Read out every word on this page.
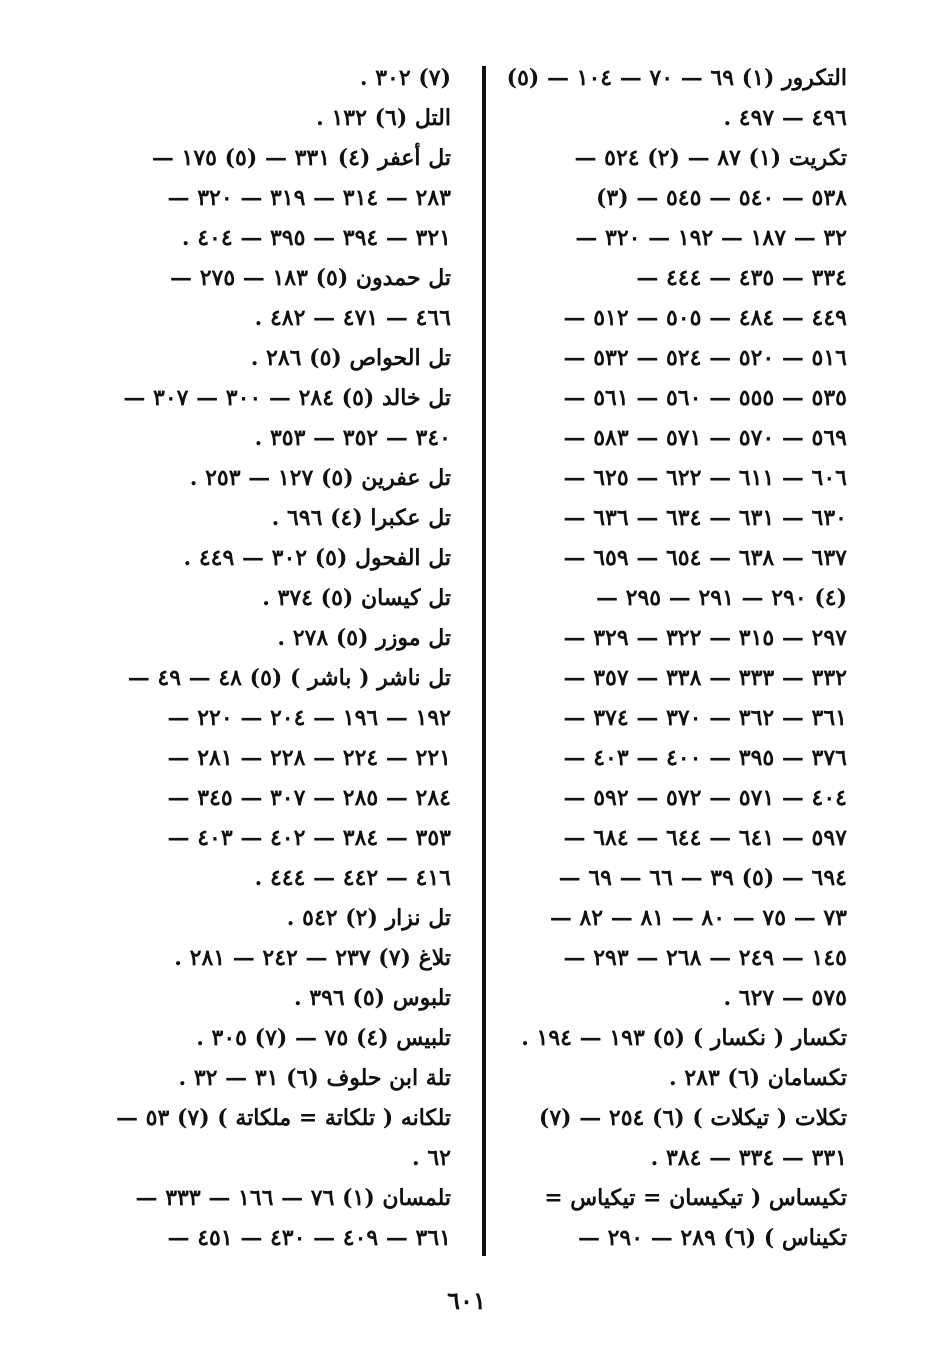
التكرور (١) ٦٩ — ٧٠ — ١٠٤ — (٥)
٤٩٦ — ٤٩٧ .
تكريت (١) ٨٧ — (٢) ٥٢٤ —
٥٣٨ — ٥٤٠ — ٥٤٥ — (٣)
٣٢ — ١٨٧ — ١٩٢ — ٣٢٠ —
٣٣٤ — ٤٣٥ — ٤٤٤ —
٤٤٩ — ٤٨٤ — ٥٠٥ — ٥١٢ —
٥١٦ — ٥٢٠ — ٥٢٤ — ٥٣٢ —
٥٣٥ — ٥٥٥ — ٥٦٠ — ٥٦١ —
٥٦٩ — ٥٧٠ — ٥٧١ — ٥٨٣ —
٦٠٦ — ٦١١ — ٦٢٢ — ٦٢٥ —
٦٣٠ — ٦٣١ — ٦٣٤ — ٦٣٦ —
٦٣٧ — ٦٣٨ — ٦٥٤ — ٦٥٩ —
(٤) ٢٩٠ — ٢٩١ — ٢٩٥ —
٢٩٧ — ٣١٥ — ٣٢٢ — ٣٢٩ —
٣٣٢ — ٣٣٣ — ٣٣٨ — ٣٥٧ —
٣٦١ — ٣٦٢ — ٣٧٠ — ٣٧٤ —
٣٧٦ — ٣٩٥ — ٤٠٠ — ٤٠٣ —
٤٠٤ — ٥٧١ — ٥٧٢ — ٥٩٢ —
٥٩٧ — ٦٤١ — ٦٤٤ — ٦٨٤ —
٦٩٤ — (٥) ٣٩ — ٦٦ — ٦٩ —
٧٣ — ٧٥ — ٨٠ — ٨١ — ٨٢ —
١٤٥ — ٢٤٩ — ٢٦٨ — ٢٩٣ —
٥٧٥ — ٦٢٧ .
تكسار ( نكسار ) (٥) ١٩٣ — ١٩٤ .
تكسامان (٦) ٢٨٣ .
تكلات ( تيكلات ) (٦) ٢٥٤ — (٧)
٣٣١ — ٣٣٤ — ٣٨٤ .
تكيساس ( تيكيسان = تيكياس =
تكيناس ) (٦) ٢٨٩ — ٢٩٠ —
(٧) ٣٠٢ .
التل (٦) ١٣٢ .
تل أعفر (٤) ٣٣١ — (٥) ١٧٥ —
٢٨٣ — ٣١٤ — ٣١٩ — ٣٢٠ —
٣٢١ — ٣٩٤ — ٣٩٥ — ٤٠٤ .
تل حمدون (٥) ١٨٣ — ٢٧٥ —
٤٦٦ — ٤٧١ — ٤٨٢ .
تل الحواص (٥) ٢٨٦ .
تل خالد (٥) ٢٨٤ — ٣٠٠ — ٣٠٧ —
٣٤٠ — ٣٥٢ — ٣٥٣ .
تل عفرين (٥) ١٢٧ — ٢٥٣ .
تل عكبرا (٤) ٦٩٦ .
تل الفحول (٥) ٣٠٢ — ٤٤٩ .
تل كيسان (٥) ٣٧٤ .
تل موزر (٥) ٢٧٨ .
تل ناشر ( باشر ) (٥) ٤٨ — ٤٩ —
١٩٢ — ١٩٦ — ٢٠٤ — ٢٢٠ —
٢٢١ — ٢٢٤ — ٢٢٨ — ٢٨١ —
٢٨٤ — ٢٨٥ — ٣٠٧ — ٣٤٥ —
٣٥٣ — ٣٨٤ — ٤٠٢ — ٤٠٣ —
٤١٦ — ٤٤٢ — ٤٤٤ .
تل نزار (٢) ٥٤٢ .
تلاغ (٧) ٢٣٧ — ٢٤٢ — ٢٨١ .
تلبوس (٥) ٣٩٦ .
تلبيس (٤) ٧٥ — (٧) ٣٠٥ .
تلة ابن حلوف (٦) ٣١ — ٣٢ .
تلكانه ( تلكاتة = ملكاتة ) (٧) ٥٣ —
٦٢ .
تلمسان (١) ٧٦ — ١٦٦ — ٣٣٣ —
٣٦١ — ٤٠٩ — ٤٣٠ — ٤٥١ —
٦٠١
